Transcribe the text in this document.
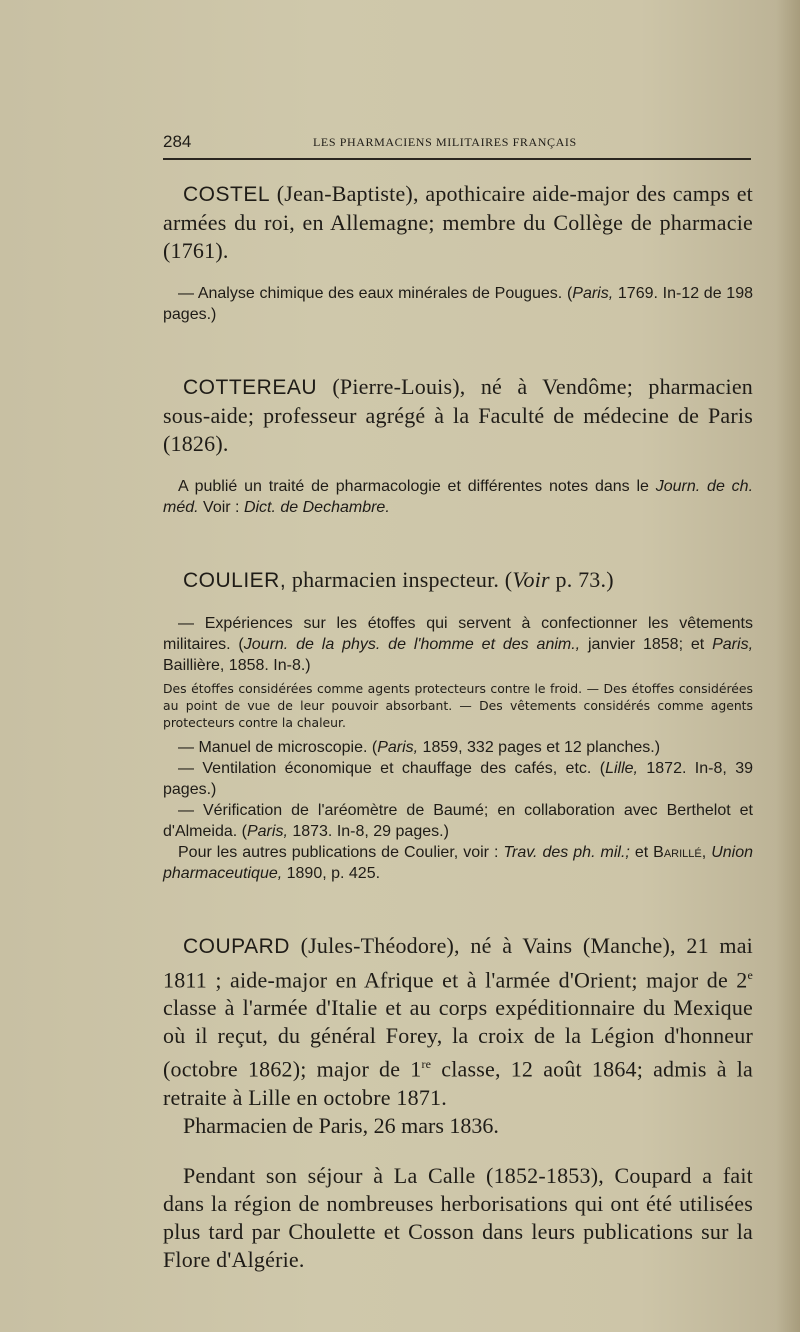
284	LES PHARMACIENS MILITAIRES FRANÇAIS

COSTEL (Jean-Baptiste), apothicaire aide-major des camps et armées du roi, en Allemagne; membre du Collège de pharmacie (1761).

— Analyse chimique des eaux minérales de Pougues. (Paris, 1769. In-12 de 198 pages.)

COTTEREAU (Pierre-Louis), né à Vendôme; pharmacien sous-aide; professeur agrégé à la Faculté de médecine de Paris (1826).

A publié un traité de pharmacologie et différentes notes dans le Journ. de ch. méd. Voir : Dict. de Dechambre.

COULIER, pharmacien inspecteur. (Voir p. 73.)

— Expériences sur les étoffes qui servent à confectionner les vêtements militaires. (Journ. de la phys. de l'homme et des anim., janvier 1858; et Paris, Baillière, 1858. In-8.)

Des étoffes considérées comme agents protecteurs contre le froid. — Des étoffes considérées au point de vue de leur pouvoir absorbant. — Des vêtements considérés comme agents protecteurs contre la chaleur.

— Manuel de microscopie. (Paris, 1859, 332 pages et 12 planches.)

— Ventilation économique et chauffage des cafés, etc. (Lille, 1872. In-8, 39 pages.)

— Vérification de l'aréomètre de Baumé; en collaboration avec Berthelot et d'Almeida. (Paris, 1873. In-8, 29 pages.)

Pour les autres publications de Coulier, voir : Trav. des ph. mil.; et Barillé, Union pharmaceutique, 1890, p. 425.

COUPARD (Jules-Théodore), né à Vains (Manche), 21 mai 1811 ; aide-major en Afrique et à l'armée d'Orient; major de 2e classe à l'armée d'Italie et au corps expéditionnaire du Mexique où il reçut, du général Forey, la croix de la Légion d'honneur (octobre 1862); major de 1re classe, 12 août 1864; admis à la retraite à Lille en octobre 1871.

Pharmacien de Paris, 26 mars 1836.

Pendant son séjour à La Calle (1852-1853), Coupard a fait dans la région de nombreuses herborisations qui ont été utilisées plus tard par Choulette et Cosson dans leurs publications sur la Flore d'Algérie.
